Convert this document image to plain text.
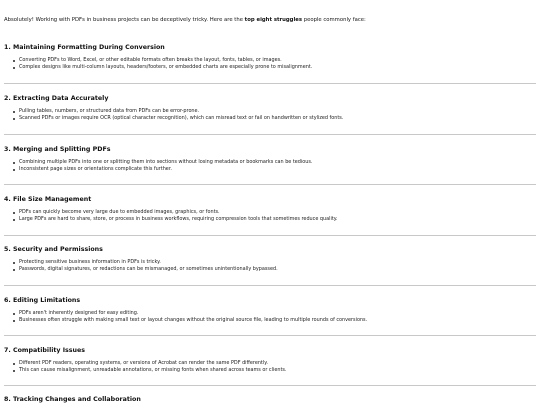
Absolutely! Working with PDFs in business projects can be deceptively tricky. Here are the top eight struggles people commonly face:

1. Maintaining Formatting During Conversion
Converting PDFs to Word, Excel, or other editable formats often breaks the layout, fonts, tables, or images.
Complex designs like multi-column layouts, headers/footers, or embedded charts are especially prone to misalignment.
2. Extracting Data Accurately
Pulling tables, numbers, or structured data from PDFs can be error-prone.
Scanned PDFs or images require OCR (optical character recognition), which can misread text or fail on handwritten or stylized fonts.
3. Merging and Splitting PDFs
Combining multiple PDFs into one or splitting them into sections without losing metadata or bookmarks can be tedious.
Inconsistent page sizes or orientations complicate this further.
4. File Size Management
PDFs can quickly become very large due to embedded images, graphics, or fonts.
Large PDFs are hard to share, store, or process in business workflows, requiring compression tools that sometimes reduce quality.
5. Security and Permissions
Protecting sensitive business information in PDFs is tricky.
Passwords, digital signatures, or redactions can be mismanaged, or sometimes unintentionally bypassed.
6. Editing Limitations
PDFs aren't inherently designed for easy editing.
Businesses often struggle with making small text or layout changes without the original source file, leading to multiple rounds of conversions.
7. Compatibility Issues
Different PDF readers, operating systems, or versions of Acrobat can render the same PDF differently.
This can cause misalignment, unreadable annotations, or missing fonts when shared across teams or clients.
8. Tracking Changes and Collaboration
